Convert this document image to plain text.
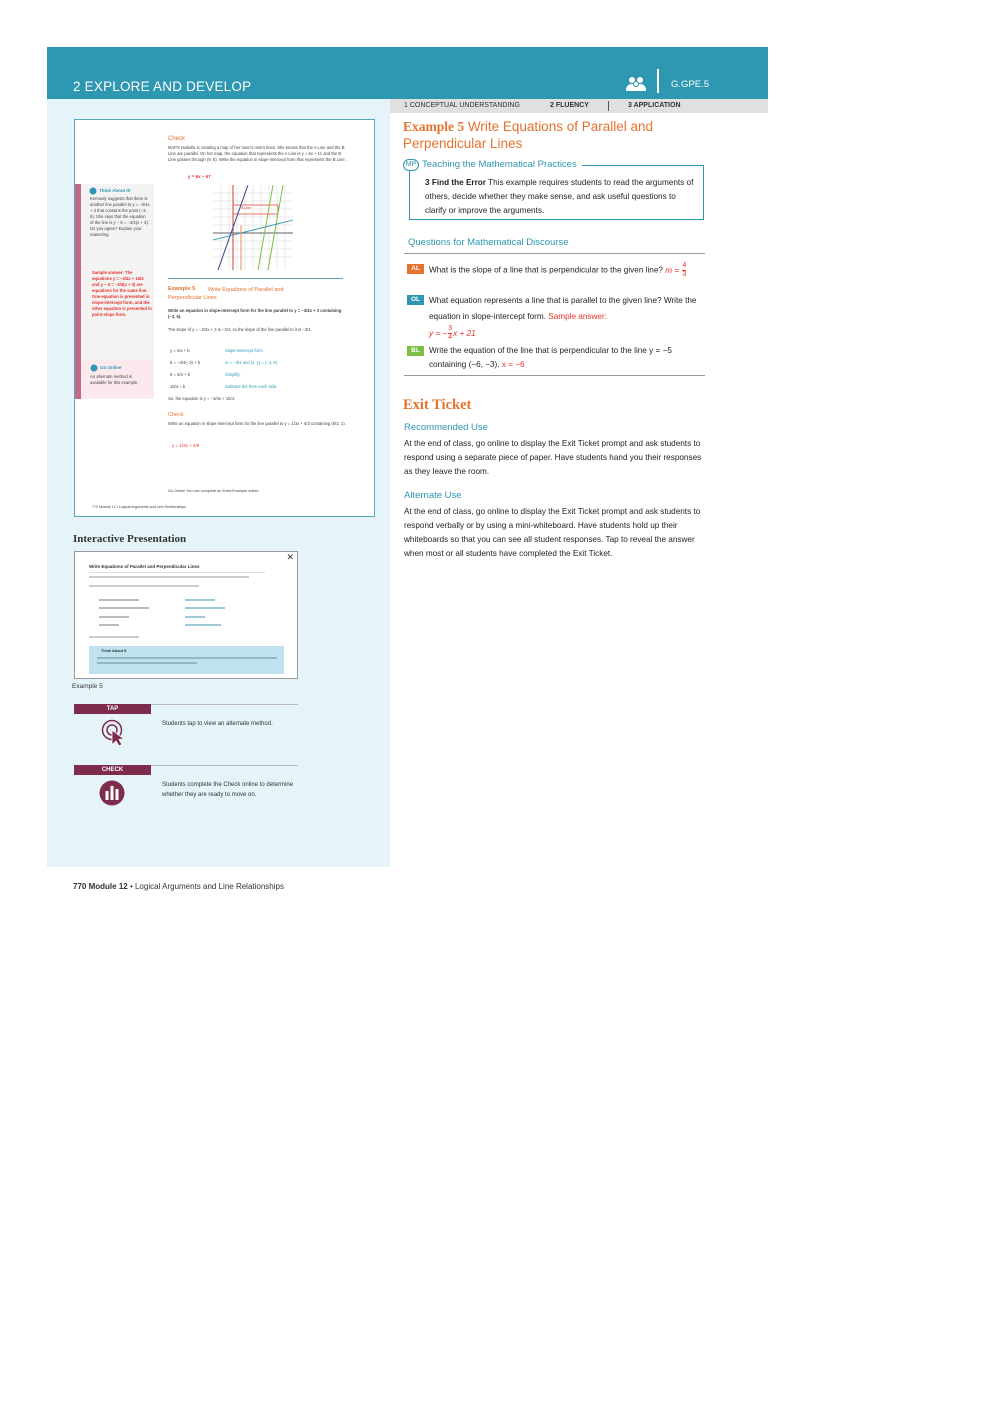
2 EXPLORE AND DEVELOP	G.GPE.5
1 CONCEPTUAL UNDERSTANDING	2 FLUENCY	3 APPLICATION
Check
MAPS Isabella is creating a map of her town's metro lines. She knows that the A Line and the B Line are parallel. On her map, the equation that represents the A Line is y = 6x + 11 and the B Line passes through (9, 5). Write the equation in slope-intercept form that represents the B Line.
y = 6x − 67
B Line
Think About It!
Kennedy suggests that there is another line parallel to y = −3/4x + 3 that contains the point (−3, 6). She says that the equation of the line is y − 6 = −3/4(x + 3). Do you agree? Explain your reasoning.
Sample answer: The equations y = −3/4x + 15/4 and y − 6 = −3/4(x + 3) are equations for the same line. One equation is presented in slope-intercept form, and the other equation is presented in point-slope form.
Go Online
An alternate method is available for this example.
Example 5	Write Equations of Parallel and Perpendicular Lines
Write an equation in slope-intercept form for the line parallel to y = −3/4x + 3 containing (−3, 6).
The slope of y = −3/4x + 3 is −3/4, so the slope of the line parallel to it is −3/4.
y = mx + b	Slope-intercept form
6 = −3/4(−3) + b	m = −3/4 and (x, y) = (−3, 6)
6 = 9/4 + b	Simplify.
15/4 = b	Subtract 9/4 from each side.
So, the equation is y = −3/4x + 15/4.
Check
Write an equation in slope-intercept form for the line parallel to y = 1/3x + 5/3 containing (5/3, 1).
y = 1/3x + 4/9
Go Online You can complete an Extra Example online.
770 Module 12 • Logical Arguments and Line Relationships
Interactive Presentation
✕
Write Equations of Parallel and Perpendicular Lines
Think About It
Example 5
TAP
Students tap to view an alternate method.
CHECK
Students complete the Check online to determine whether they are ready to move on.
770 Module 12 • Logical Arguments and Line Relationships
Example 5 Write Equations of Parallel and Perpendicular Lines
MP Teaching the Mathematical Practices
3 Find the Error This example requires students to read the arguments of others, decide whether they make sense, and ask useful questions to clarify or improve the arguments.
Questions for Mathematical Discourse
AL	What is the slope of a line that is perpendicular to the given line? $m = \frac{4}{3}$
OL	What equation represents a line that is parallel to the given line? Write the equation in slope-intercept form. Sample answer:
y = − $\frac{3}{4}$ x + 21
BL	Write the equation of the line that is perpendicular to the line y = −5 containing (−6, −3). x = −6
Exit Ticket
Recommended Use
At the end of class, go online to display the Exit Ticket prompt and ask students to respond using a separate piece of paper. Have students hand you their responses as they leave the room.
Alternate Use
At the end of class, go online to display the Exit Ticket prompt and ask students to respond verbally or by using a mini-whiteboard. Have students hold up their whiteboards so that you can see all student responses. Tap to reveal the answer when most or all students have completed the Exit Ticket.
